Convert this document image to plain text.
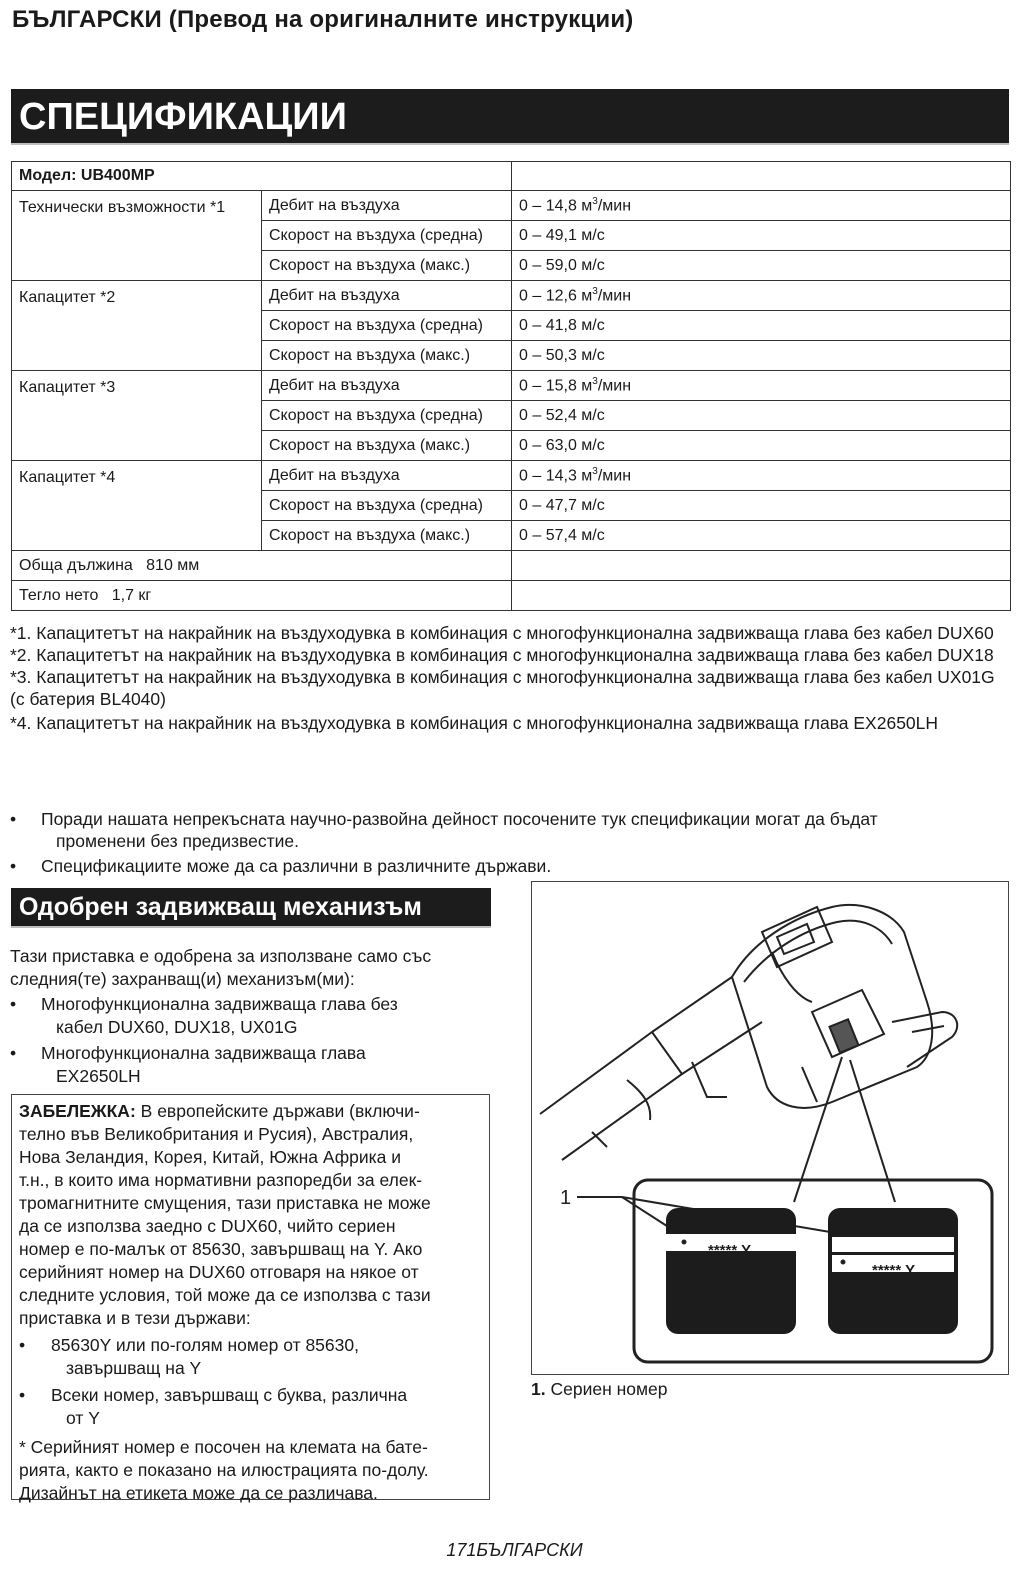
БЪЛГАРСКИ (Превод на оригиналните инструкции)
СПЕЦИФИКАЦИИ
Модел: UB400MP		
Технически възможности *1	Дебит на въздуха	0 – 14,8 $м^3$/мин
	Скорост на въздуха (средна)	0 – 49,1 м/с
	Скорост на въздуха (макс.)	0 – 59,0 м/с
Капацитет *2	Дебит на въздуха	0 – 12,6 $м^3$/мин
	Скорост на въздуха (средна)	0 – 41,8 м/с
	Скорост на въздуха (макс.)	0 – 50,3 м/с
Капацитет *3	Дебит на въздуха	0 – 15,8 $м^3$/мин
	Скорост на въздуха (средна)	0 – 52,4 м/с
	Скорост на въздуха (макс.)	0 – 63,0 м/с
Капацитет *4	Дебит на въздуха	0 – 14,3 $м^3$/мин
	Скорост на въздуха (средна)	0 – 47,7 м/с
	Скорост на въздуха (макс.)	0 – 57,4 м/с
Обща дължина 810 мм		
Тегло нето 1,7 кг		

*1. Капацитетът на накрайник на въздуходувка в комбинация с многофункционална задвижваща глава без кабел DUX60

*2. Капацитетът на накрайник на въздуходувка в комбинация с многофункционална задвижваща глава без кабел DUX18

*3. Капацитетът на накрайник на въздуходувка в комбинация с многофункционална задвижваща глава без кабел UX01G (с батерия BL4040)

*4. Капацитетът на накрайник на въздуходувка в комбинация с многофункционална задвижваща глава EX2650LH

• Поради нашата непрекъсната научно-развойна дейност посочените тук спецификации могат да бъдат
променени без предизвестие.
• Спецификациите може да са различни в различните държави.
Одобрен задвижващ механизъм
Тази приставка е одобрена за използване само със
следния(те) захранващ(и) механизъм(ми):
• Многофункционална задвижваща глава без
кабел DUX60, DUX18, UX01G
• Многофункционална задвижваща глава
EX2650LH
ЗАБЕЛЕЖКА: В европейските държави (включи-
телно във Великобритания и Русия), Австралия,
Нова Зеландия, Корея, Китай, Южна Африка и
т.н., в които има нормативни разпоредби за елек-
тромагнитните смущения, тази приставка не може
да се използва заедно с DUX60, чийто сериен
номер е по-малък от 85630, завършващ на Y. Ако
серийният номер на DUX60 отговаря на някое от
следните условия, той може да се използва с тази
приставка и в тези държави:
• 85630Y или по-голям номер от 85630,
завършващ на Y
• Всеки номер, завършващ с буква, различна
от Y
* Серийният номер е посочен на клемата на бате-
рията, както е показано на илюстрацията по-долу.
Дизайнът на етикета може да се различава.
1
***** Y
***** Y
1. Сериен номер
171БЪЛГАРСКИ
